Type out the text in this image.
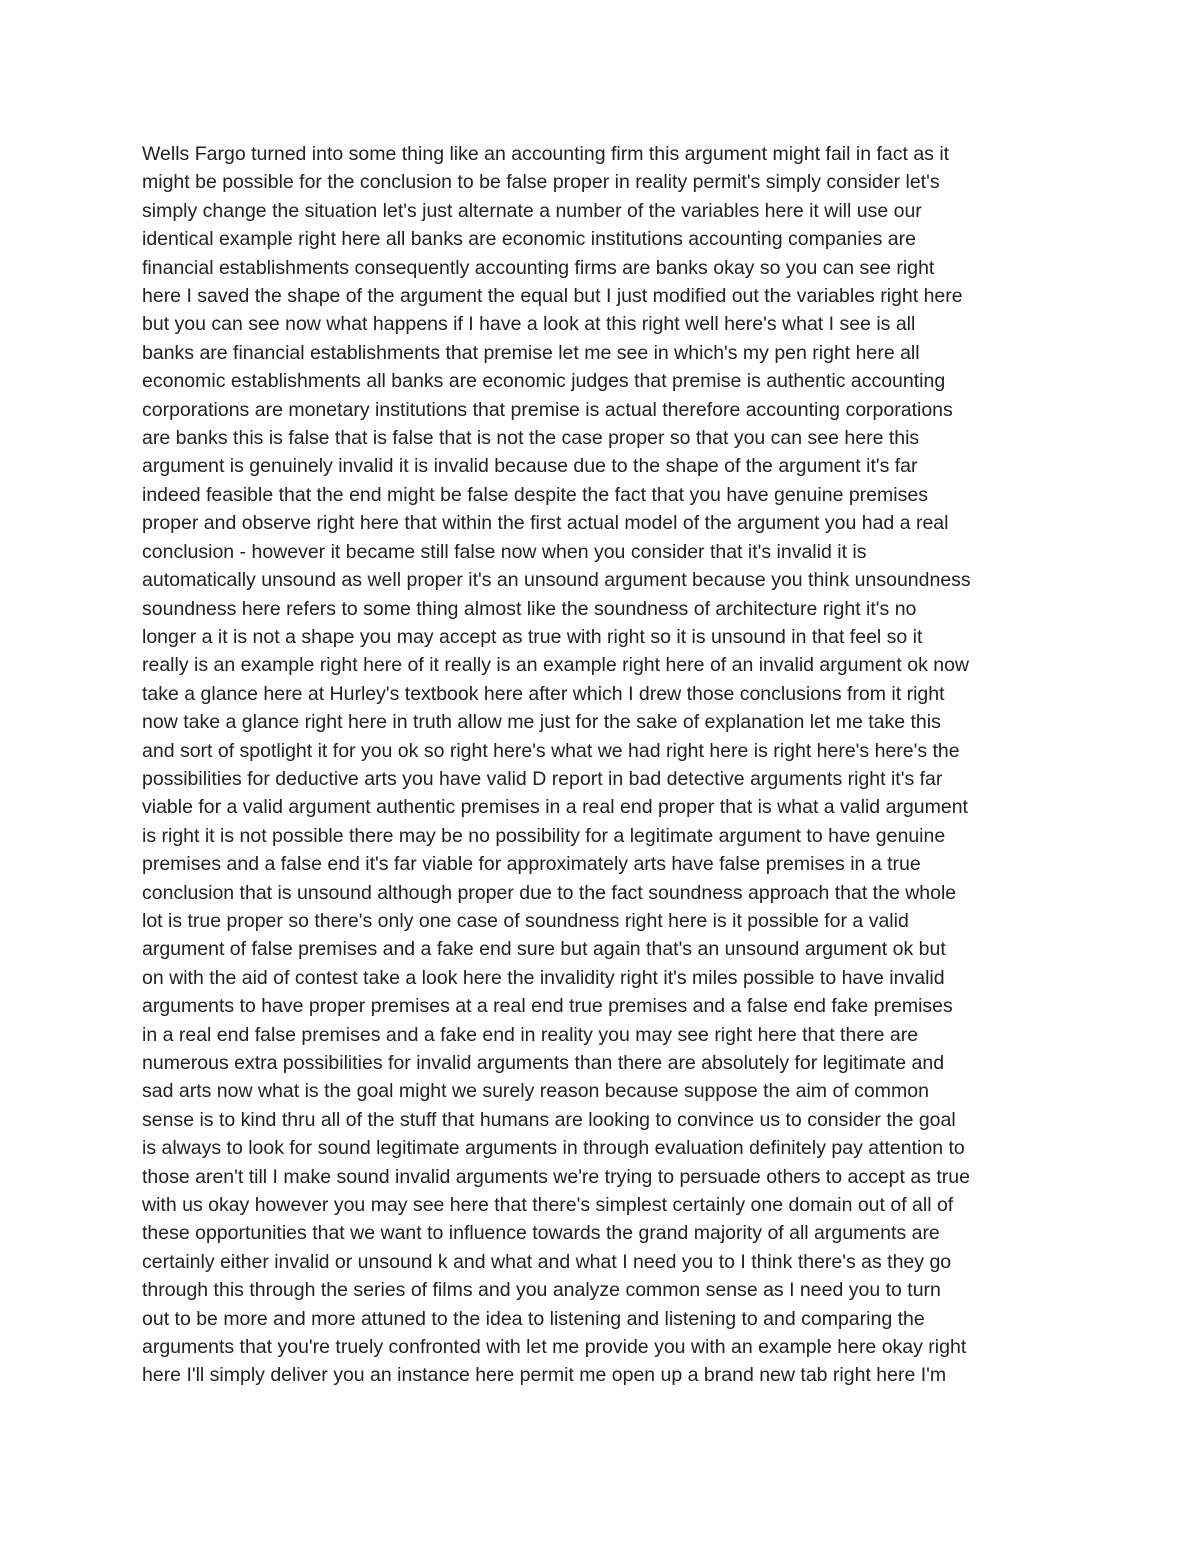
Wells Fargo turned into some thing like an accounting firm this argument might fail in fact as it
might be possible for the conclusion to be false proper in reality permit's simply consider let's
simply change the situation let's just alternate a number of the variables here it will use our
identical example right here all banks are economic institutions accounting companies are
financial establishments consequently accounting firms are banks okay so you can see right
here I saved the shape of the argument the equal but I just modified out the variables right here
but you can see now what happens if I have a look at this right well here's what I see is all
banks are financial establishments that premise let me see in which's my pen right here all
economic establishments all banks are economic judges that premise is authentic accounting
corporations are monetary institutions that premise is actual therefore accounting corporations
are banks this is false that is false that is not the case proper so that you can see here this
argument is genuinely invalid it is invalid because due to the shape of the argument it's far
indeed feasible that the end might be false despite the fact that you have genuine premises
proper and observe right here that within the first actual model of the argument you had a real
conclusion - however it became still false now when you consider that it's invalid it is
automatically unsound as well proper it's an unsound argument because you think unsoundness
soundness here refers to some thing almost like the soundness of architecture right it's no
longer a it is not a shape you may accept as true with right so it is unsound in that feel so it
really is an example right here of it really is an example right here of an invalid argument ok now
take a glance here at Hurley's textbook here after which I drew those conclusions from it right
now take a glance right here in truth allow me just for the sake of explanation let me take this
and sort of spotlight it for you ok so right here's what we had right here is right here's here's the
possibilities for deductive arts you have valid D report in bad detective arguments right it's far
viable for a valid argument authentic premises in a real end proper that is what a valid argument
is right it is not possible there may be no possibility for a legitimate argument to have genuine
premises and a false end it's far viable for approximately arts have false premises in a true
conclusion that is unsound although proper due to the fact soundness approach that the whole
lot is true proper so there's only one case of soundness right here is it possible for a valid
argument of false premises and a fake end sure but again that's an unsound argument ok but
on with the aid of contest take a look here the invalidity right it's miles possible to have invalid
arguments to have proper premises at a real end true premises and a false end fake premises
in a real end false premises and a fake end in reality you may see right here that there are
numerous extra possibilities for invalid arguments than there are absolutely for legitimate and
sad arts now what is the goal might we surely reason because suppose the aim of common
sense is to kind thru all of the stuff that humans are looking to convince us to consider the goal
is always to look for sound legitimate arguments in through evaluation definitely pay attention to
those aren't till I make sound invalid arguments we're trying to persuade others to accept as true
with us okay however you may see here that there's simplest certainly one domain out of all of
these opportunities that we want to influence towards the grand majority of all arguments are
certainly either invalid or unsound k and what and what I need you to I think there's as they go
through this through the series of films and you analyze common sense as I need you to turn
out to be more and more attuned to the idea to listening and listening to and comparing the
arguments that you're truely confronted with let me provide you with an example here okay right
here I'll simply deliver you an instance here permit me open up a brand new tab right here I'm
